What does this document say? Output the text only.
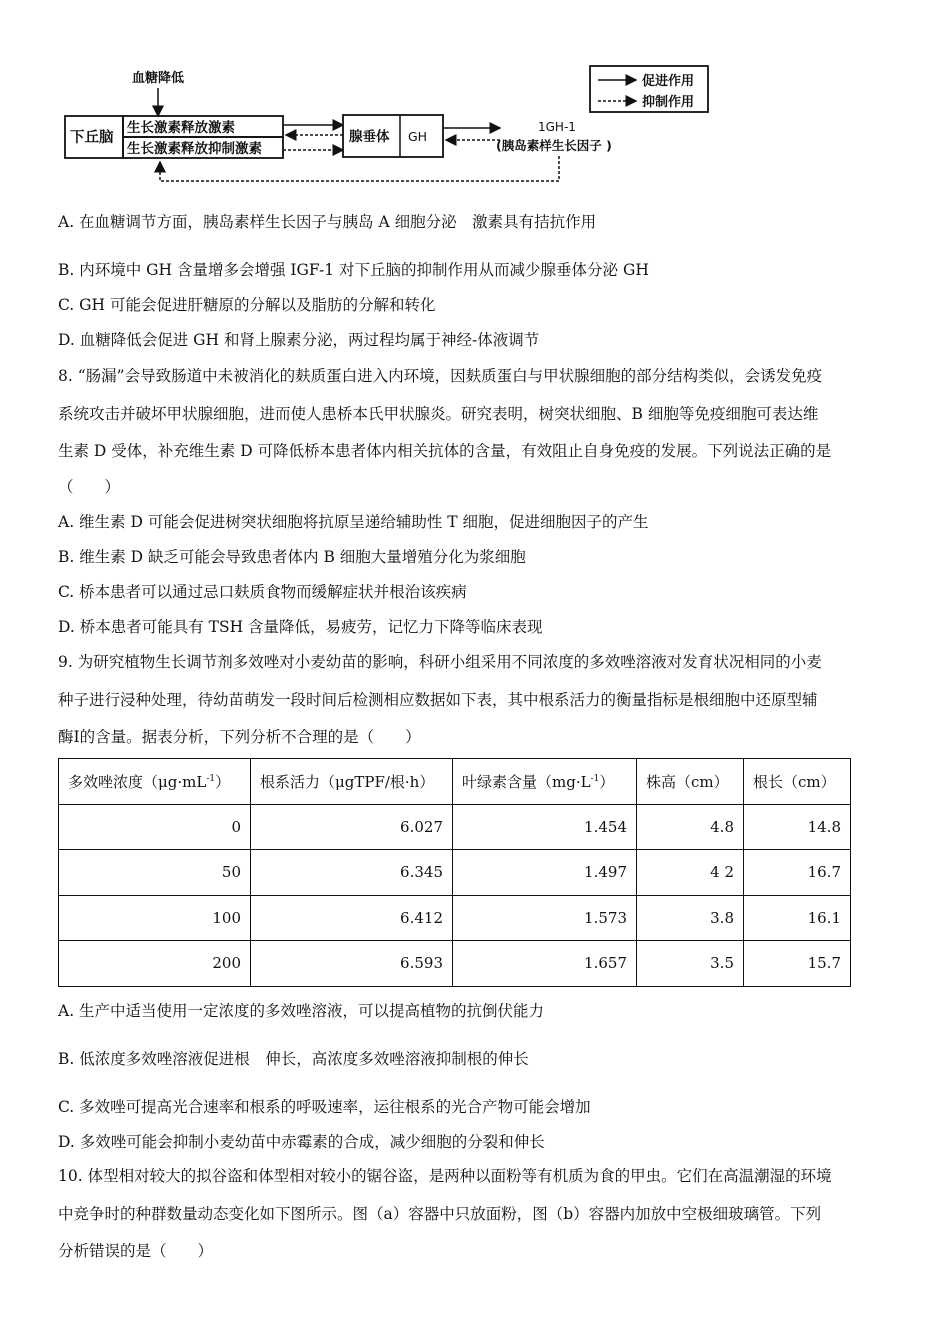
血糖降低
下丘脑
生长激素释放激素
生长激素释放抑制激素
腺垂体 GH
1GH-1
(胰岛素样生长因子 )
促进作用
抑制作用
A. 在血糖调节方面，胰岛素样生长因子与胰岛 A 细胞分泌　激素具有拮抗作用
B. 内环境中 GH 含量增多会增强 IGF-1 对下丘脑的抑制作用从而减少腺垂体分泌 GH
C. GH 可能会促进肝糖原的分解以及脂肪的分解和转化
D. 血糖降低会促进 GH 和肾上腺素分泌，两过程均属于神经-体液调节
8. “肠漏”会导致肠道中未被消化的麸质蛋白进入内环境，因麸质蛋白与甲状腺细胞的部分结构类似，会诱发免疫
系统攻击并破坏甲状腺细胞，进而使人患桥本氏甲状腺炎。研究表明，树突状细胞、B 细胞等免疫细胞可表达维
生素 D 受体，补充维生素 D 可降低桥本患者体内相关抗体的含量，有效阻止自身免疫的发展。下列说法正确的是
（　　）
A. 维生素 D 可能会促进树突状细胞将抗原呈递给辅助性 T 细胞，促进细胞因子的产生
B. 维生素 D 缺乏可能会导致患者体内 B 细胞大量增殖分化为浆细胞
C. 桥本患者可以通过忌口麸质食物而缓解症状并根治该疾病
D. 桥本患者可能具有 TSH 含量降低，易疲劳，记忆力下降等临床表现
9. 为研究植物生长调节剂多效唑对小麦幼苗的影响，科研小组采用不同浓度的多效唑溶液对发育状况相同的小麦
种子进行浸种处理，待幼苗萌发一段时间后检测相应数据如下表，其中根系活力的衡量指标是根细胞中还原型辅
酶Ⅰ的含量。据表分析，下列分析不合理的是（　　）
多效唑浓度$(\mu g\cdot mL^{-1})$	根系活力（μgTPF/根·h）	叶绿素含量$(mg\cdot L^{-1})$	株高（cm）	根长（cm）
0	6.027	1.454	4.8	14.8
50	6.345	1.497	4 2	16.7
100	6.412	1.573	3.8	16.1
200	6.593	1.657	3.5	15.7
A. 生产中适当使用一定浓度的多效唑溶液，可以提高植物的抗倒伏能力
B. 低浓度多效唑溶液促进根　伸长，高浓度多效唑溶液抑制根的伸长
C. 多效唑可提高光合速率和根系的呼吸速率，运往根系的光合产物可能会增加
D. 多效唑可能会抑制小麦幼苗中赤霉素的合成，减少细胞的分裂和伸长
10. 体型相对较大的拟谷盗和体型相对较小的锯谷盗，是两种以面粉等有机质为食的甲虫。它们在高温潮湿的环境
中竞争时的种群数量动态变化如下图所示。图（a）容器中只放面粉，图（b）容器内加放中空极细玻璃管。下列
分析错误的是（　　）
